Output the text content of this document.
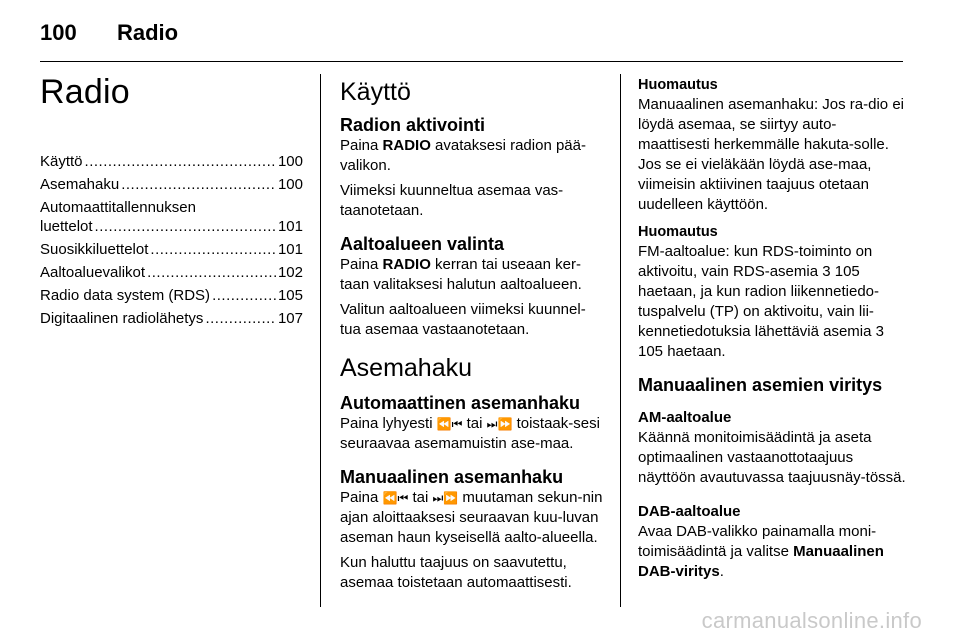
100 Radio
Radio
Käyttö .....	100
Asemahaku .....	100
Automaattitallennuksen
luettelot .....	101
Suosikkiluettelot .....	101
Aaltoaluevalikot .....	102
Radio data system (RDS) .....	105
Digitaalinen radiolähetys .....	107
Käyttö
Radion aktivointi

Paina RADIO avataksesi radion pää-valikon.

Viimeksi kuunneltua asemaa vas-taanotetaan.

Aaltoalueen valinta

Paina RADIO kerran tai useaan ker-taan valitaksesi halutun aaltoalueen.

Valitun aaltoalueen viimeksi kuunnel-tua asemaa vastaanotetaan.

Asemahaku
Automaattinen asemanhaku

Paina lyhyesti ⏪⏮ tai ⏭⏩ toistaak-sesi seuraavaa asemamuistin ase-maa.

Manuaalinen asemanhaku

Paina ⏪⏮ tai ⏭⏩ muutaman sekun-nin ajan aloittaaksesi seuraavan kuu-luvan aseman haun kyseisellä aalto-alueella.

Kun haluttu taajuus on saavutettu, asemaa toistetaan automaattisesti.

Huomautus

Manuaalinen asemanhaku: Jos ra-dio ei löydä asemaa, se siirtyy auto-maattisesti herkemmälle hakuta-solle. Jos se ei vieläkään löydä ase-maa, viimeisin aktiivinen taajuus otetaan uudelleen käyttöön.

Huomautus

FM-aaltoalue: kun RDS-toiminto on aktivoitu, vain RDS-asemia 3 105 haetaan, ja kun radion liikennetiedo-tuspalvelu (TP) on aktivoitu, vain lii-kennetiedotuksia lähettäviä asemia 3 105 haetaan.

Manuaalinen asemien viritys
AM-aaltoalue

Käännä monitoimisäädintä ja aseta optimaalinen vastaanottotaajuus näyttöön avautuvassa taajuusnäy-tössä.

DAB-aaltoalue

Avaa DAB-valikko painamalla moni-toimisäädintä ja valitse Manuaalinen DAB-viritys.

carmanualsonline.info
